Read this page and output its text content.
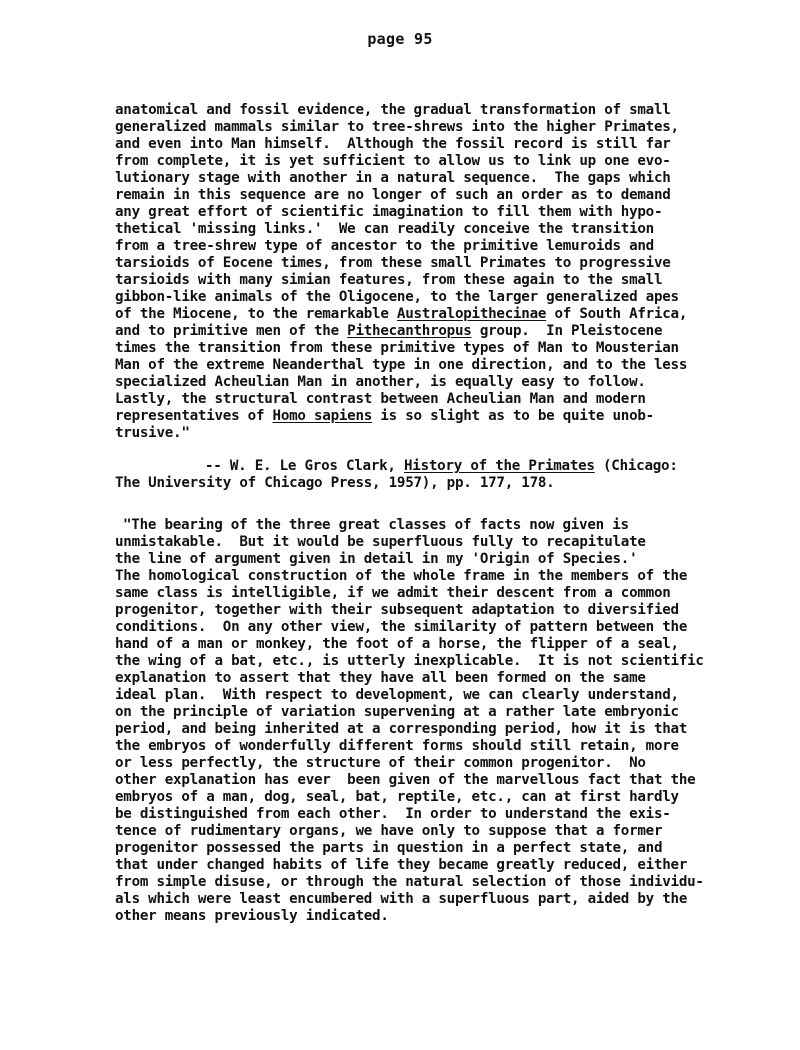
page 95
anatomical and fossil evidence, the gradual transformation of small
generalized mammals similar to tree-shrews into the higher Primates,
and even into Man himself.  Although the fossil record is still far
from complete, it is yet sufficient to allow us to link up one evo-
lutionary stage with another in a natural sequence.  The gaps which
remain in this sequence are no longer of such an order as to demand
any great effort of scientific imagination to fill them with hypo-
thetical 'missing links.'  We can readily conceive the transition
from a tree-shrew type of ancestor to the primitive lemuroids and
tarsioids of Eocene times, from these small Primates to progressive
tarsioids with many simian features, from these again to the small
gibbon-like animals of the Oligocene, to the larger generalized apes
of the Miocene, to the remarkable Australopithecinae of South Africa,
and to primitive men of the Pithecanthropus group.  In Pleistocene
times the transition from these primitive types of Man to Mousterian
Man of the extreme Neanderthal type in one direction, and to the less
specialized Acheulian Man in another, is equally easy to follow.
Lastly, the structural contrast between Acheulian Man and modern
representatives of Homo sapiens is so slight as to be quite unob-
trusive."
-- W. E. Le Gros Clark, History of the Primates (Chicago:
The University of Chicago Press, 1957), pp. 177, 178.
"The bearing of the three great classes of facts now given is
unmistakable.  But it would be superfluous fully to recapitulate
the line of argument given in detail in my 'Origin of Species.'
The homological construction of the whole frame in the members of the
same class is intelligible, if we admit their descent from a common
progenitor, together with their subsequent adaptation to diversified
conditions.  On any other view, the similarity of pattern between the
hand of a man or monkey, the foot of a horse, the flipper of a seal,
the wing of a bat, etc., is utterly inexplicable.  It is not scientific
explanation to assert that they have all been formed on the same
ideal plan.  With respect to development, we can clearly understand,
on the principle of variation supervening at a rather late embryonic
period, and being inherited at a corresponding period, how it is that
the embryos of wonderfully different forms should still retain, more
or less perfectly, the structure of their common progenitor.  No
other explanation has ever  been given of the marvellous fact that the
embryos of a man, dog, seal, bat, reptile, etc., can at first hardly
be distinguished from each other.  In order to understand the exis-
tence of rudimentary organs, we have only to suppose that a former
progenitor possessed the parts in question in a perfect state, and
that under changed habits of life they became greatly reduced, either
from simple disuse, or through the natural selection of those individu-
als which were least encumbered with a superfluous part, aided by the
other means previously indicated.
